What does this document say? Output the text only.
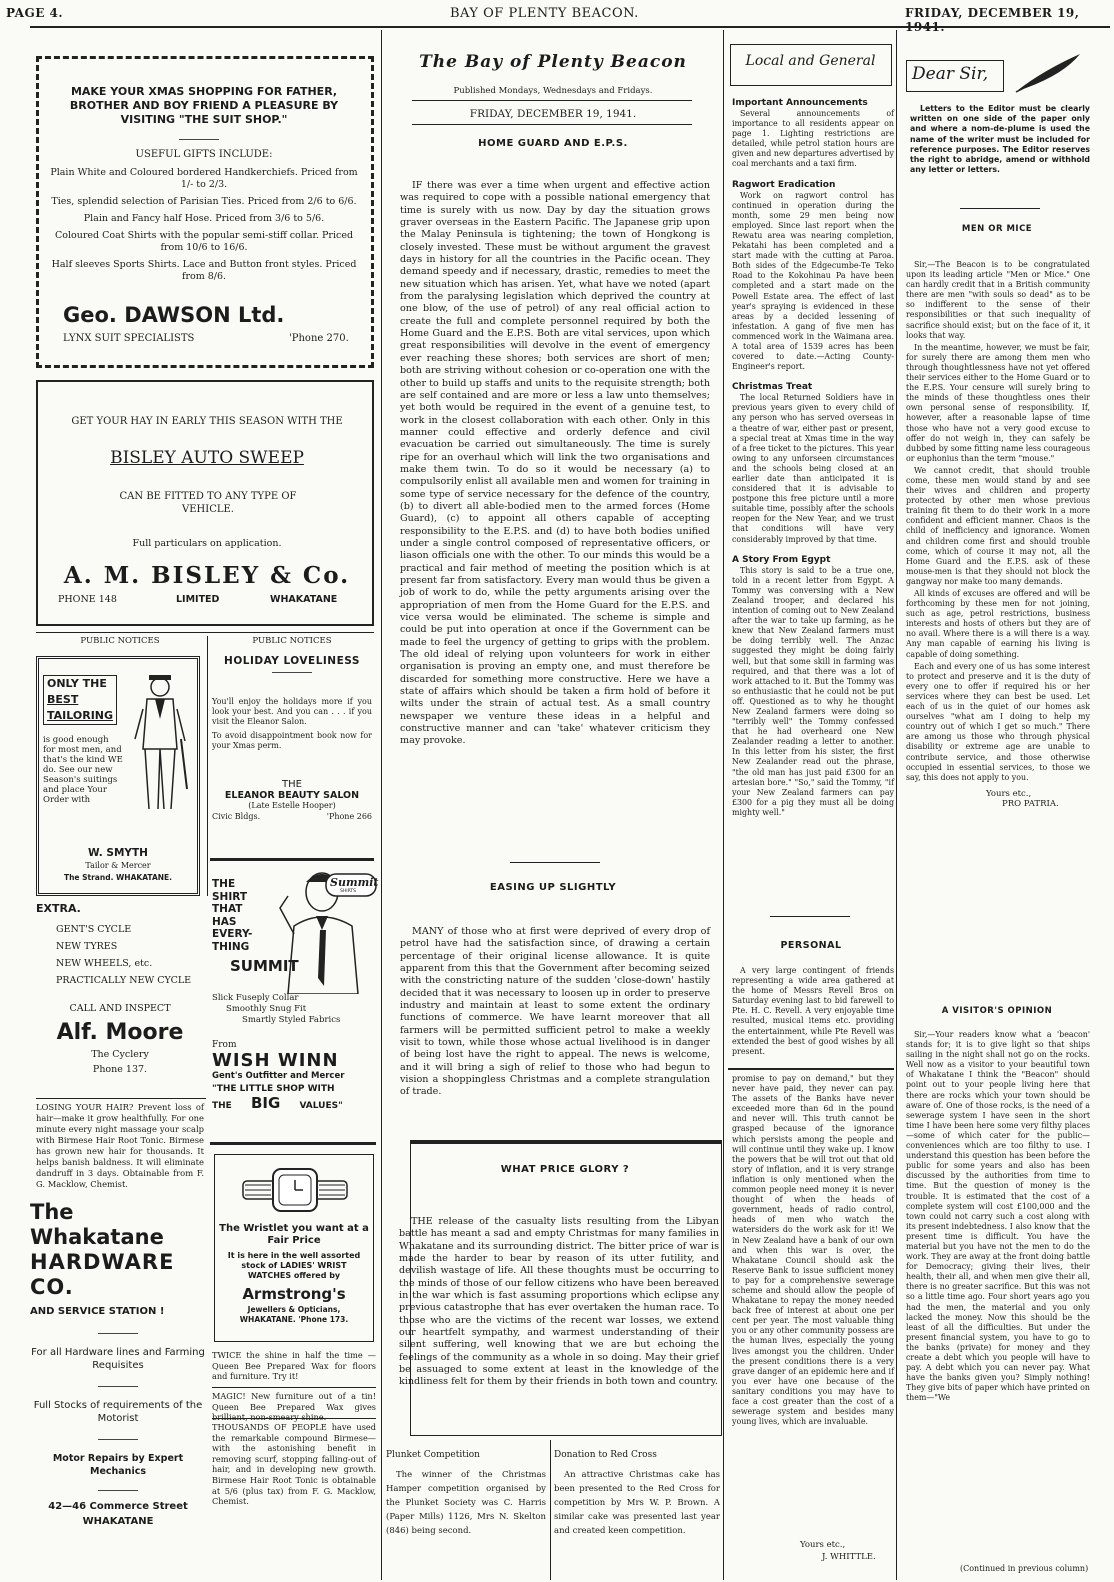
PAGE 4.	BAY OF PLENTY BEACON.	FRIDAY, DECEMBER 19,
MAKE YOUR XMAS SHOPPING FOR FATHER, BROTHER AND BOY FRIEND A PLEASURE BY VISITING "THE SUIT SHOP."
USEFUL GIFTS INCLUDE:
Plain White and Coloured bordered Handkerchiefs. Priced from 1/- to 2/3.
Ties, splendid selection of Parisian Ties. Priced from 2/6 to 6/6.
Plain and Fancy half Hose. Priced from 3/6 to 5/6.
Coloured Coat Shirts with the popular semi-stiff collar. Priced from 10/6 to 16/6.
Half sleeves Sports Shirts. Lace and Button front styles. Priced from 8/6.
Geo. DAWSON Ltd.
LYNX SUIT SPECIALISTS	'Phone 270.
GET YOUR HAY IN EARLY THIS SEASON WITH THE
BISLEY AUTO SWEEP
CAN BE FITTED TO ANY TYPE OF VEHICLE.
Full particulars on application.
A. M. BISLEY & Co.
PHONE 148	LIMITED	WHAKATANE
PUBLIC NOTICES	PUBLIC NOTICES
ONLY THE
BEST
TAILORING
is good enough for most men, and that's the kind WE do. See our new Season's suitings and place Your Order with
W. SMYTH
Tailor & Mercer
The Strand. WHAKATANE.
HOLIDAY LOVELINESS
You'll enjoy the holidays more if you look your best. And you can . . . if you visit the Eleanor Salon.
To avoid disappointment book now for your Xmas perm.
THE
ELEANOR BEAUTY SALON
(Late Estelle Hooper)
Civic Bldgs.	'Phone 266
EXTRA.
GENT'S CYCLE
NEW TYRES
NEW WHEELS, etc.
PRACTICALLY NEW CYCLE
CALL AND INSPECT
Alf. Moore
The Cyclery
Phone 137.
LOSING YOUR HAIR? Prevent loss of hair—make it grow healthfully. For one minute every night massage your scalp with Birmese Hair Root Tonic. Birmese has grown new hair for thousands. It helps banish baldness. It will eliminate dandruff in 3 days. Obtainable from F. G. Macklow, Chemist.
The Whakatane
HARDWARE CO.
AND SERVICE STATION !
For all Hardware lines and Farming Requisites
Full Stocks of requirements of the Motorist
Motor Repairs by Expert Mechanics
42—46 Commerce Street
WHAKATANE
THE
SHIRT
THAT
HAS
EVERY-
THING
SUMMIT
Summit
SHIRTS
Slick Fuseply Collar
Smoothly Snug Fit
Smartly Styled Fabrics
From
WISH WINN
Gent's Outfitter and Mercer
"THE LITTLE SHOP WITH
THE BIG VALUES"
The Wristlet you want at a Fair Price
It is here in the well assorted stock of LADIES' WRIST WATCHES offered by
Armstrong's
Jewellers & Opticians,
WHAKATANE. 'Phone 173.
TWICE the shine in half the time —Queen Bee Prepared Wax for floors and furniture. Try it!
MAGIC! New furniture out of a tin! Queen Bee Prepared Wax gives
THOUSANDS OF PEOPLE have used the remarkable compound Birmese—with the astonishing benefit in removing scurf, stopping falling-out of hair, and in developing new growth. Birmese Hair Root Tonic is obtainable at 5/6 (plus tax) from F. G. Macklow, Chemist.
The Bay of Plenty Beacon
Published Mondays, Wednesdays and Fridays.
FRIDAY, DECEMBER 19, 1941.
HOME GUARD AND E.P.S.
IF there was ever a time when urgent and effective action was required to cope with a possible national emergency that time is surely with us now. Day by day the situation grows graver overseas in the Eastern Pacific. The Japanese grip upon the Malay Peninsula is tightening; the town of Hongkong is closely invested. These must be without argument the gravest days in history for all the countries in the Pacific ocean. They demand speedy and if necessary, drastic, remedies to meet the new situation which has arisen. Yet, what have we noted (apart from the paralysing legislation which deprived the country at one blow, of the use of petrol) of any real official action to create the full and complete personnel required by both the Home Guard and the E.P.S. Both are vital services, upon which great responsibilities will devolve in the event of emergency ever reaching these shores; both services are short of men; both are striving without cohesion or co-operation one with the other to build up staffs and units to the requisite strength; both are self contained and are more or less a law unto themselves; yet both would be required in the event of a genuine test, to work in the closest collaboration with each other. Only in this manner could effective and orderly defence and civil evacuation be carried out simultaneously. The time is surely ripe for an overhaul which will link the two organisations and make them twin. To do so it would be necessary (a) to compulsorily enlist all available men and women for training in some type of service necessary for the defence of the country, (b) to divert all able-bodied men to the armed forces (Home Guard), (c) to appoint all others capable of accepting responsibility to the E.P.S. and (d) to have both bodies unified under a single control composed of representative officers, or liason officials one with the other. To our minds this would be a practical and fair method of meeting the position which is at present far from satisfactory. Every man would thus be given a job of work to do, while the petty arguments arising over the appropriation of men from the Home Guard for the E.P.S. and vice versa would be eliminated. The scheme is simple and could be put into operation at once if the Government can be made to feel the urgency of getting to grips with the problem. The old ideal of relying upon volunteers for work in either organisation is proving an empty one, and must therefore be discarded for something more constructive. Here we have a state of affairs which should be taken a firm hold of before it wilts under the strain of actual test. As a small country newspaper we venture these ideas in a helpful and constructive manner and can 'take' whatever criticism they may provoke.
EASING UP SLIGHTLY
MANY of those who at first were deprived of every drop of petrol have had the satisfaction since, of drawing a certain percentage of their original license allowance. It is quite apparent from this that the Government after becoming seized with the constricting nature of the sudden 'close-down' hastily decided that it was necessary to loosen up in order to preserve industry and maintain at least to some extent the ordinary functions of commerce. We have learnt moreover that all farmers will be permitted sufficient petrol to make a weekly visit to town, while those whose actual livelihood is in danger of being lost have the right to appeal. The news is welcome, and it will bring a sigh of relief to those who had begun to vision a shoppingless Christmas and a complete strangulation of trade.
WHAT PRICE GLORY ?
THE release of the casualty lists resulting from the Libyan battle has meant a sad and empty Christmas for many families in Whakatane and its surrounding district. The bitter price of war is made the harder to bear by reason of its utter futility, and devilish wastage of life. All these thoughts must be occurring to the minds of those of our fellow citizens who have been bereaved in the war which is fast assuming proportions which eclipse any previous catastrophe that has ever overtaken the human race. To those who are the victims of the recent war losses, we extend our heartfelt sympathy, and warmest understanding of their silent suffering, well knowing that we are but echoing the feelings of the community as a whole in so doing. May their grief be assuaged to some extent at least in the knowledge of the kindliness felt for them by their friends in both town and country.
Plunket Competition
The winner of the Christmas Hamper competition organised by the Plunket Society was C. Harris (Paper Mills) 1126, Mrs N. Skelton (846) being second.
Donation to Red Cross
An attractive Christmas cake has been presented to the Red Cross for competition by Mrs W. P. Brown. A similar cake was presented last year and created keen competition.
Local and General
Important Announcements
Several announcements of importance to all residents appear on page 1. Lighting restrictions are detailed, while petrol station hours are given and new departures advertised by coal merchants and a taxi firm.
Ragwort Eradication
Work on ragwort control has continued in operation during the month, some 29 men being now employed. Since last report when the Rewatu area was nearing completion, Pekatahi has been completed and a start made with the cutting at Paroa. Both sides of the Edgecumbe-Te Teko Road to the Kokohinau Pa have been completed and a start made on the Powell Estate area. The effect of last year's spraying is evidenced in these areas by a decided lessening of infestation. A gang of five men has commenced work in the Waimana area. A total area of 1539 acres has been covered to date.—Acting County-Engineer's report.
Christmas Treat
The local Returned Soldiers have in previous years given to every child of any person who has served overseas in a theatre of war, either past or present, a special treat at Xmas time in the way of a free ticket to the pictures. This year owing to any unforseen circumstances and the schools being closed at an earlier date than anticipated it is considered that it is advisable to postpone this free picture until a more suitable time, possibly after the schools reopen for the New Year, and we trust that conditions will have very considerably improved by that time.
A Story From Egypt
This story is said to be a true one, told in a recent letter from Egypt. A Tommy was conversing with a New Zealand trooper, and declared his intention of coming out to New Zealand after the war to take up farming, as he knew that New Zealand farmers must be doing terribly well. The Anzac suggested they might be doing fairly well, but that some skill in farming was required, and that there was a lot of work attached to it. But the Tommy was so enthusiastic that he could not be put off. Questioned as to why he thought New Zealand farmers were doing so "terribly well" the Tommy confessed that he had overheard one New Zealander reading a letter to another. In this letter from his sister, the first New Zealander read out the phrase, "the old man has just paid £300 for an artesian bore." "So," said the Tommy, "if your New Zealand farmers can pay £300 for a pig they must all be doing mighty well."
PERSONAL
A very large contingent of friends representing a wide area gathered at the home of Messrs Revell Bros on Saturday evening last to bid farewell to Pte. H. C. Revell. A very enjoyable time resulted, musical items etc. providing the entertainment, while Pte Revell was extended the best of good wishes by all present.
promise to pay on demand," but they never have paid, they never can pay. The assets of the Banks have never exceeded more than 6d in the pound and never will. This truth cannot be grasped because of the ignorance which persists among the people and will continue until they wake up. I know the powers that be will trot out that old story of inflation, and it is very strange inflation is only mentioned when the common people need money it is never thought of when the heads of government, heads of radio control, heads of men who watch the watersiders do the work ask for it! We in New Zealand have a bank of our own and when this war is over, the Whakatane Council should ask the Reserve Bank to issue sufficient money to pay for a comprehensive sewerage scheme and should allow the people of Whakatane to repay the money needed back free of interest at about one per cent per year. The most valuable thing you or any other community possess are the human lives, especially the young lives amongst you the children. Under the present conditions there is a very grave danger of an epidemic here and if you ever have one because of the sanitary conditions you may have to face a cost greater than the cost of a sewerage system and besides many young lives, which are invaluable.
Yours etc.,
J. WHITTLE.
Dear Sir,
Letters to the Editor must be clearly written on one side of the paper only and where a nom-de-plume is used the name of the writer must be included for reference purposes. The Editor reserves the right to abridge, amend or withhold any letter or letters.
MEN OR MICE
Sir,—The Beacon is to be congratulated upon its leading article "Men or Mice." One can hardly credit that in a British community there are men "with souls so dead" as to be so indifferent to the sense of their responsibilities or that such inequality of sacrifice should exist; but on the face of it, it looks that way.
In the meantime, however, we must be fair, for surely there are among them men who through thoughtlessness have not yet offered their services either to the Home Guard or to the E.P.S. Your censure will surely bring to the minds of these thoughtless ones their own personal sense of responsibility. If, however, after a reasonable lapse of time those who have not a very good excuse to offer do not weigh in, they can safely be dubbed by some fitting name less courageous or euphonius than the term "mouse."
We cannot credit, that should trouble come, these men would stand by and see their wives and children and property protected by other men whose previous training fit them to do their work in a more confident and efficient manner. Chaos is the child of inefficiency and ignorance. Women and children come first and should trouble come, which of course it may not, all the Home Guard and the E.P.S. ask of these mouse-men is that they should not block the gangway nor make too many demands.
All kinds of excuses are offered and will be forthcoming by these men for not joining, such as age, petrol restrictions, business interests and hosts of others but they are of no avail. Where there is a will there is a way. Any man capable of earning his living is capable of doing something.
Each and every one of us has some interest to protect and preserve and it is the duty of every one to offer if required his or her services where they can best be used. Let each of us in the quiet of our homes ask ourselves "what am I doing to help my country out of which I get so much." There are among us those who through physical disability or extreme age are unable to contribute service, and those otherwise occupied in essential services, to those we say, this does not apply to you.
Yours etc.,
PRO PATRIA.
A VISITOR'S OPINION
Sir,—Your readers know what a 'beacon' stands for; it is to give light so that ships sailing in the night shall not go on the rocks. Well now as a visitor to your beautiful town of Whakatane I think the "Beacon" should point out to your people living here that there are rocks which your town should be aware of. One of those rocks, is the need of a sewerage system I have seen in the short time I have been here some very filthy places—some of which cater for the public—conveniences which are too filthy to use. I understand this question has been before the public for some years and also has been discussed by the authorities from time to time. But the question of money is the trouble. It is estimated that the cost of a complete system will cost £100,000 and the town could not carry such a cost along with its present indebtedness. I also know that the present time is difficult. You have the material but you have not the men to do the work. They are away at the front doing battle for Democracy; giving their lives, their health, their all, and when men give their all, there is no greater sacrifice. But this was not so a little time ago. Four short years ago you had the men, the material and you only lacked the money. Now this should be the least of all the difficulties. But under the present financial system, you have to go to the banks (private) for money and they create a debt which you people will have to pay. A debt which you can never pay. What have the banks given you? Simply nothing! They give bits of paper which have printed on them—"We
(Continued in previous column)
